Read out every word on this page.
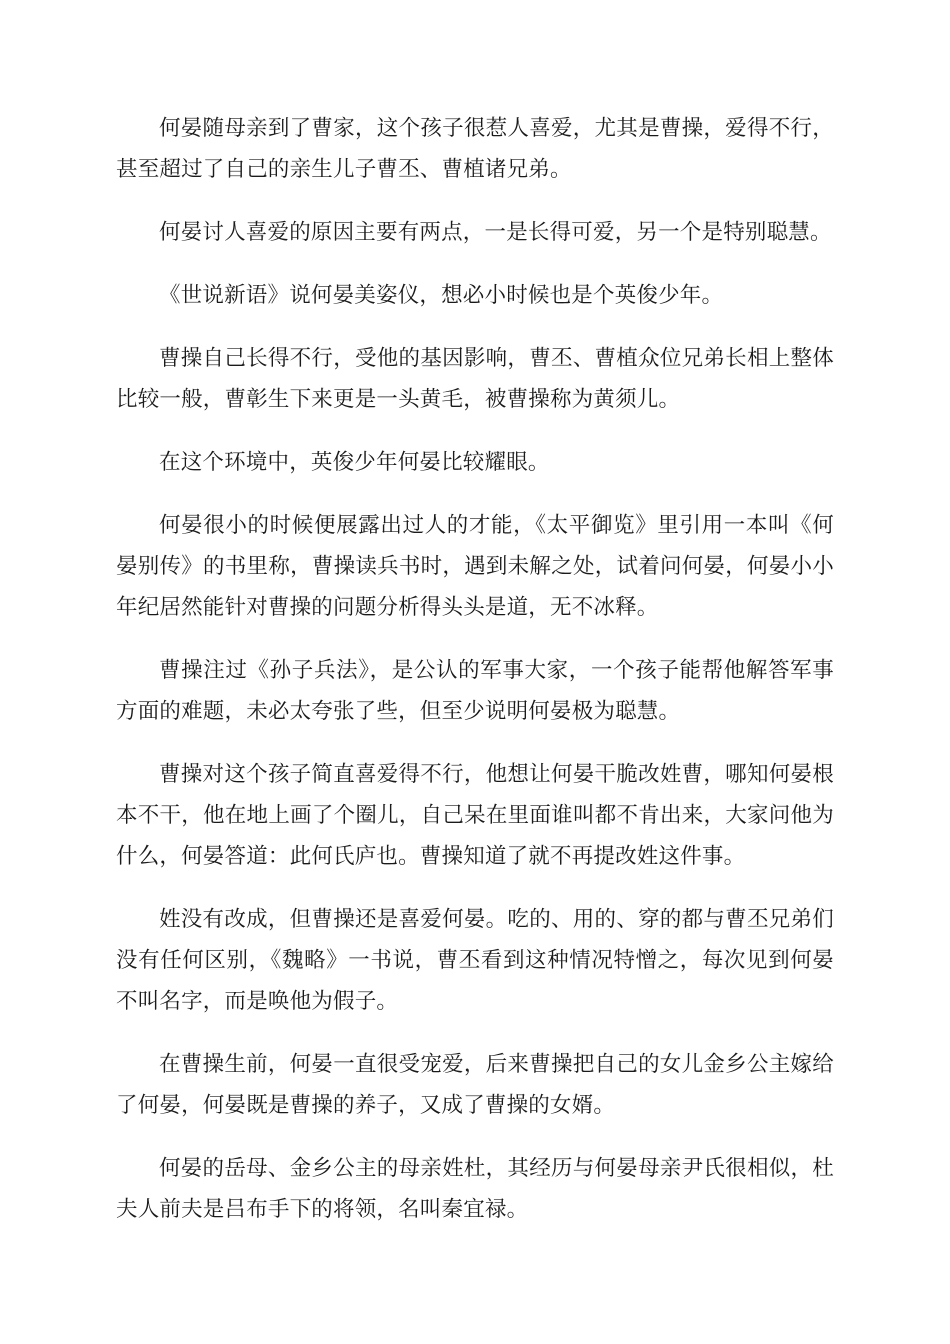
何晏随母亲到了曹家，这个孩子很惹人喜爱，尤其是曹操，爱得不行，甚至超过了自己的亲生儿子曹丕、曹植诸兄弟。

何晏讨人喜爱的原因主要有两点，一是长得可爱，另一个是特别聪慧。

《世说新语》说何晏美姿仪，想必小时候也是个英俊少年。

曹操自己长得不行，受他的基因影响，曹丕、曹植众位兄弟长相上整体比较一般，曹彰生下来更是一头黄毛，被曹操称为黄须儿。

在这个环境中，英俊少年何晏比较耀眼。

何晏很小的时候便展露出过人的才能，《太平御览》里引用一本叫《何晏别传》的书里称，曹操读兵书时，遇到未解之处，试着问何晏，何晏小小年纪居然能针对曹操的问题分析得头头是道，无不冰释。

曹操注过《孙子兵法》，是公认的军事大家，一个孩子能帮他解答军事方面的难题，未必太夸张了些，但至少说明何晏极为聪慧。

曹操对这个孩子简直喜爱得不行，他想让何晏干脆改姓曹，哪知何晏根本不干，他在地上画了个圈儿，自己呆在里面谁叫都不肯出来，大家问他为什么，何晏答道：此何氏庐也。曹操知道了就不再提改姓这件事。

姓没有改成，但曹操还是喜爱何晏。吃的、用的、穿的都与曹丕兄弟们没有任何区别，《魏略》一书说，曹丕看到这种情况特憎之，每次见到何晏不叫名字，而是唤他为假子。

在曹操生前，何晏一直很受宠爱，后来曹操把自己的女儿金乡公主嫁给了何晏，何晏既是曹操的养子，又成了曹操的女婿。

何晏的岳母、金乡公主的母亲姓杜，其经历与何晏母亲尹氏很相似，杜夫人前夫是吕布手下的将领，名叫秦宜禄。
